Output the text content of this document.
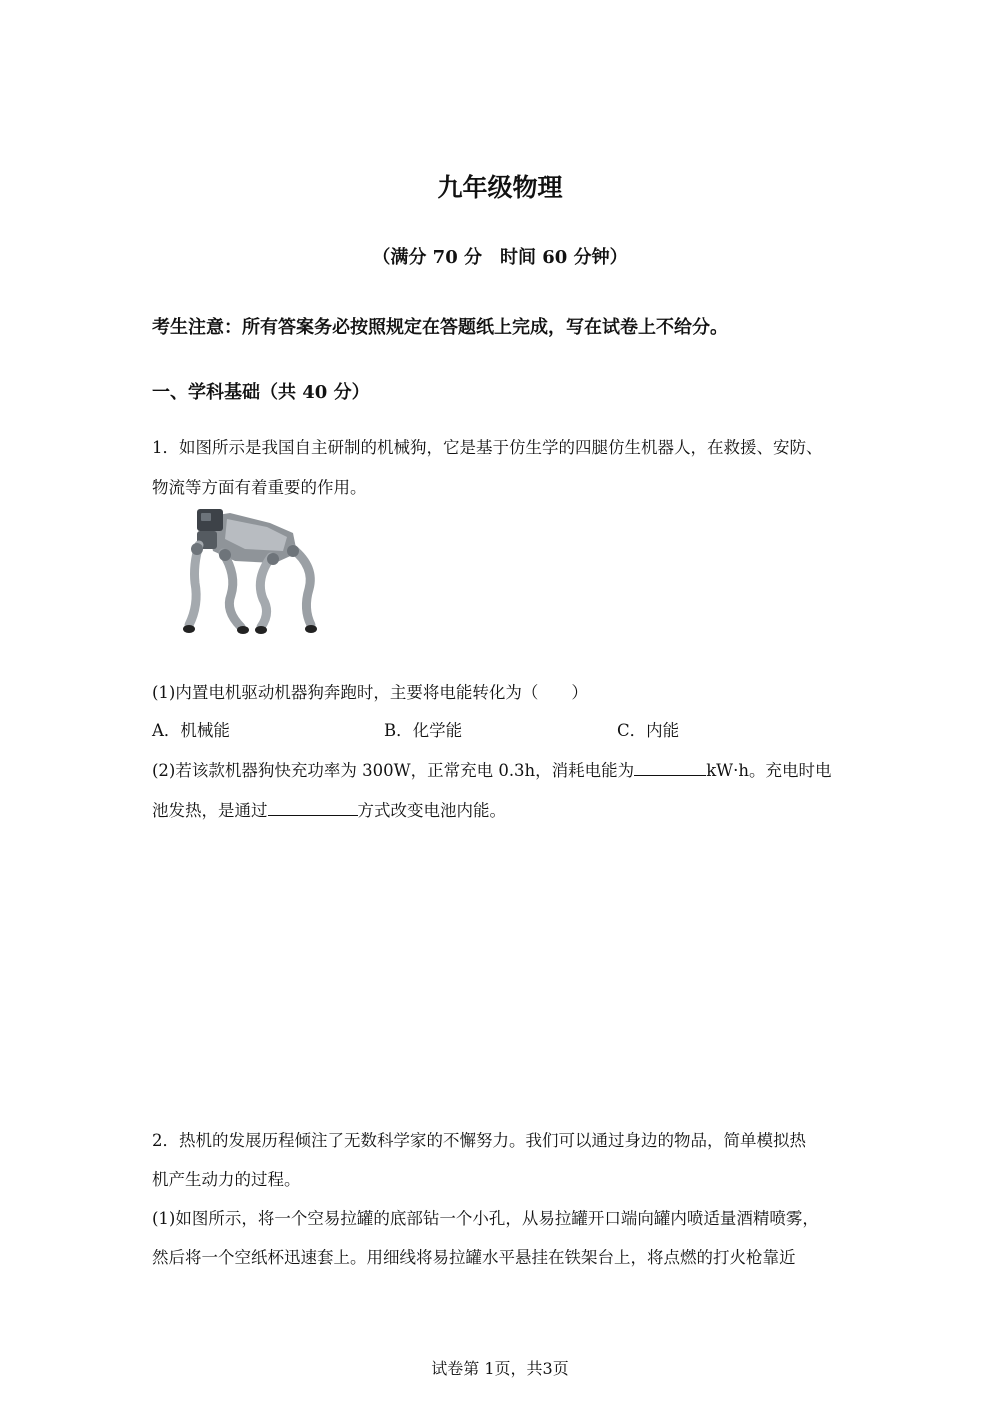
九年级物理
（满分 70 分　时间 60 分钟）
考生注意：所有答案务必按照规定在答题纸上完成，写在试卷上不给分。
一、学科基础（共 40 分）
1．如图所示是我国自主研制的机械狗，它是基于仿生学的四腿仿生机器人，在救援、安防、
物流等方面有着重要的作用。
(1)内置电机驱动机器狗奔跑时，主要将电能转化为（　　）
A．机械能	B．化学能	C．内能
(2)若该款机器狗快充功率为 300W，正常充电 0.3h，消耗电能为	kW·h。充电时电
池发热，是通过	方式改变电池内能。
2．热机的发展历程倾注了无数科学家的不懈努力。我们可以通过身边的物品，简单模拟热
机产生动力的过程。
(1)如图所示，将一个空易拉罐的底部钻一个小孔，从易拉罐开口端向罐内喷适量酒精喷雾，
然后将一个空纸杯迅速套上。用细线将易拉罐水平悬挂在铁架台上，将点燃的打火枪靠近
试卷第 1页，共3页
